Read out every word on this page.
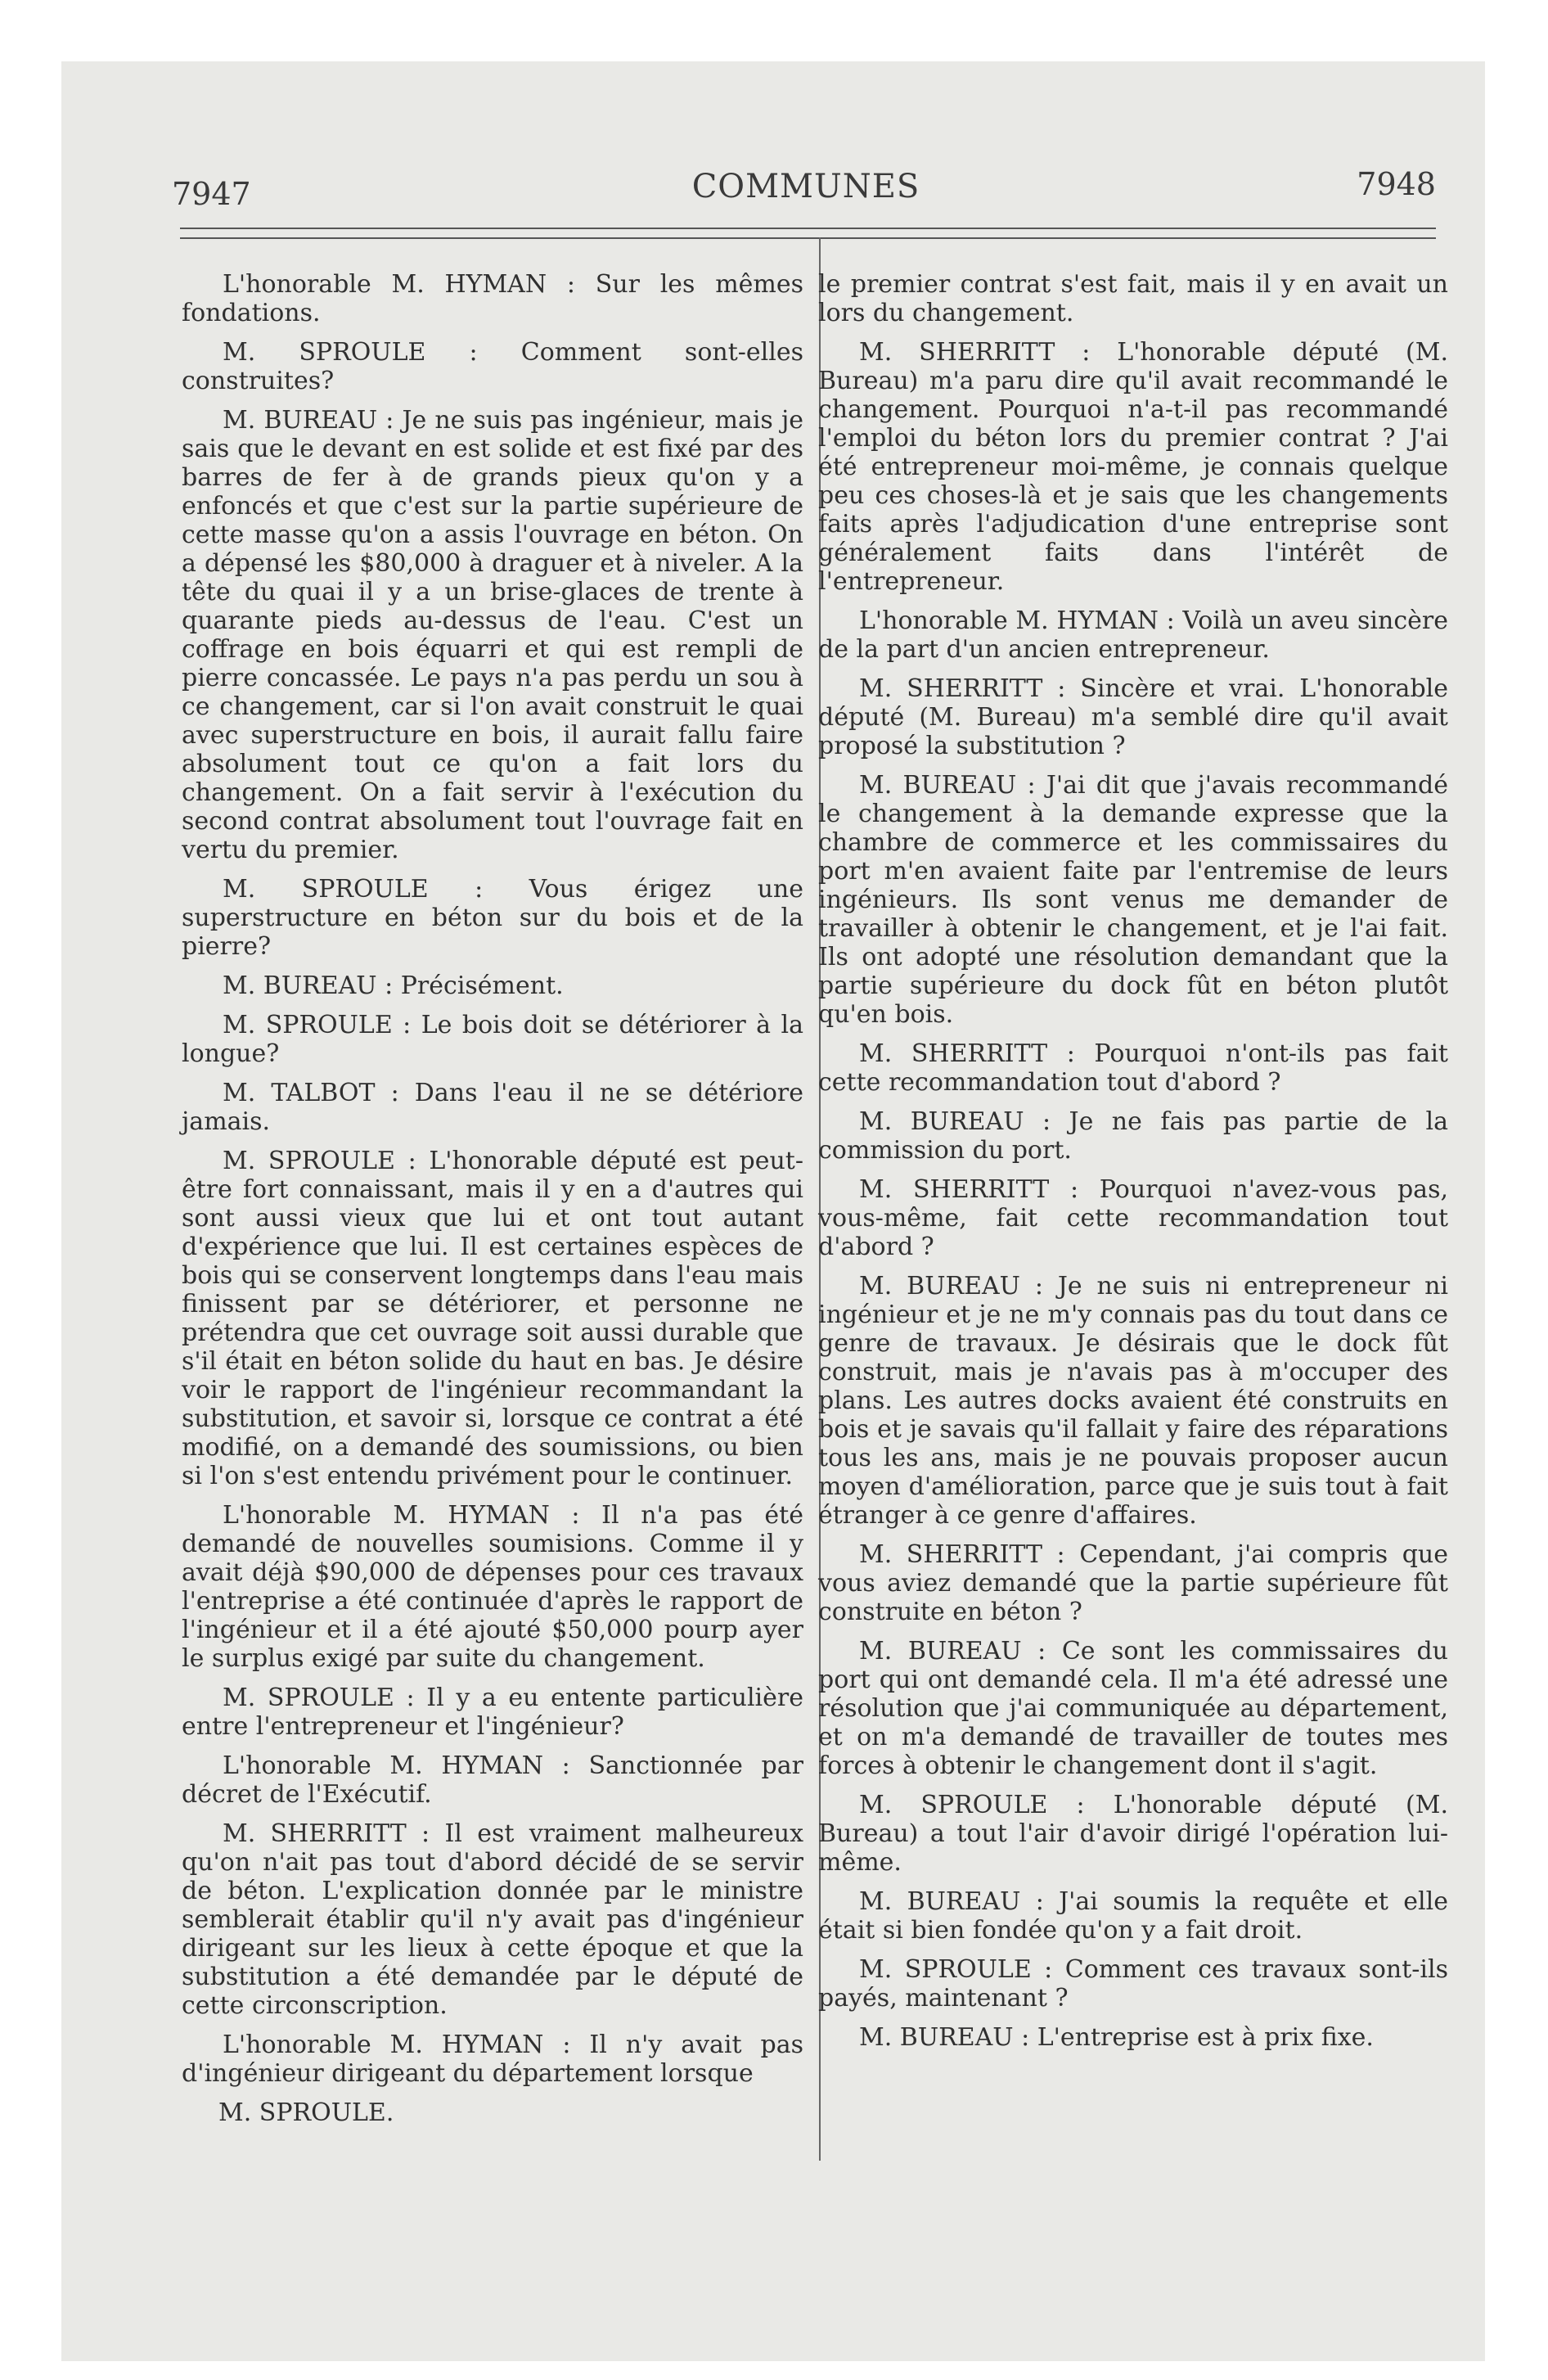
7947	COMMUNES	7948

L'honorable M. HYMAN : Sur les mêmes fondations.

M. SPROULE : Comment sont-elles construites?

M. BUREAU : Je ne suis pas ingénieur, mais je sais que le devant en est solide et est fixé par des barres de fer à de grands pieux qu'on y a enfoncés et que c'est sur la partie supérieure de cette masse qu'on a assis l'ouvrage en béton. On a dépensé les $80,000 à draguer et à niveler. A la tête du quai il y a un brise-glaces de trente à quarante pieds au-dessus de l'eau. C'est un coffrage en bois équarri et qui est rempli de pierre concassée. Le pays n'a pas perdu un sou à ce changement, car si l'on avait construit le quai avec superstructure en bois, il aurait fallu faire absolument tout ce qu'on a fait lors du changement. On a fait servir à l'exécution du second contrat absolument tout l'ouvrage fait en vertu du premier.

M. SPROULE : Vous érigez une superstructure en béton sur du bois et de la pierre?

M. BUREAU : Précisément.

M. SPROULE : Le bois doit se détériorer à la longue?

M. TALBOT : Dans l'eau il ne se détériore jamais.

M. SPROULE : L'honorable député est peut-être fort connaissant, mais il y en a d'autres qui sont aussi vieux que lui et ont tout autant d'expérience que lui. Il est certaines espèces de bois qui se conservent longtemps dans l'eau mais finissent par se détériorer, et personne ne prétendra que cet ouvrage soit aussi durable que s'il était en béton solide du haut en bas. Je désire voir le rapport de l'ingénieur recommandant la substitution, et savoir si, lorsque ce contrat a été modifié, on a demandé des soumissions, ou bien si l'on s'est entendu privément pour le continuer.

L'honorable M. HYMAN : Il n'a pas été demandé de nouvelles soumisions. Comme il y avait déjà $90,000 de dépenses pour ces travaux l'entreprise a été continuée d'après le rapport de l'ingénieur et il a été ajouté $50,000 pourp ayer le surplus exigé par suite du changement.

M. SPROULE : Il y a eu entente particulière entre l'entrepreneur et l'ingénieur?

L'honorable M. HYMAN : Sanctionnée par décret de l'Exécutif.

M. SHERRITT : Il est vraiment malheureux qu'on n'ait pas tout d'abord décidé de se servir de béton. L'explication donnée par le ministre semblerait établir qu'il n'y avait pas d'ingénieur dirigeant sur les lieux à cette époque et que la substitution a été demandée par le député de cette circonscription.

L'honorable M. HYMAN : Il n'y avait pas d'ingénieur dirigeant du département lorsque

M. SPROULE.

le premier contrat s'est fait, mais il y en avait un lors du changement.

M. SHERRITT : L'honorable député (M. Bureau) m'a paru dire qu'il avait recommandé le changement. Pourquoi n'a-t-il pas recommandé l'emploi du béton lors du premier contrat ? J'ai été entrepreneur moi-même, je connais quelque peu ces choses-là et je sais que les changements faits après l'adjudication d'une entreprise sont généralement faits dans l'intérêt de l'entrepreneur.

L'honorable M. HYMAN : Voilà un aveu sincère de la part d'un ancien entrepreneur.

M. SHERRITT : Sincère et vrai. L'honorable député (M. Bureau) m'a semblé dire qu'il avait proposé la substitution ?

M. BUREAU : J'ai dit que j'avais recommandé le changement à la demande expresse que la chambre de commerce et les commissaires du port m'en avaient faite par l'entremise de leurs ingénieurs. Ils sont venus me demander de travailler à obtenir le changement, et je l'ai fait. Ils ont adopté une résolution demandant que la partie supérieure du dock fût en béton plutôt qu'en bois.

M. SHERRITT : Pourquoi n'ont-ils pas fait cette recommandation tout d'abord ?

M. BUREAU : Je ne fais pas partie de la commission du port.

M. SHERRITT : Pourquoi n'avez-vous pas, vous-même, fait cette recommandation tout d'abord ?

M. BUREAU : Je ne suis ni entrepreneur ni ingénieur et je ne m'y connais pas du tout dans ce genre de travaux. Je désirais que le dock fût construit, mais je n'avais pas à m'occuper des plans. Les autres docks avaient été construits en bois et je savais qu'il fallait y faire des réparations tous les ans, mais je ne pouvais proposer aucun moyen d'amélioration, parce que je suis tout à fait étranger à ce genre d'affaires.

M. SHERRITT : Cependant, j'ai compris que vous aviez demandé que la partie supérieure fût construite en béton ?

M. BUREAU : Ce sont les commissaires du port qui ont demandé cela. Il m'a été adressé une résolution que j'ai communiquée au département, et on m'a demandé de travailler de toutes mes forces à obtenir le changement dont il s'agit.

M. SPROULE : L'honorable député (M. Bureau) a tout l'air d'avoir dirigé l'opération lui-même.

M. BUREAU : J'ai soumis la requête et elle était si bien fondée qu'on y a fait droit.

M. SPROULE : Comment ces travaux sont-ils payés, maintenant ?

M. BUREAU : L'entreprise est à prix fixe.
